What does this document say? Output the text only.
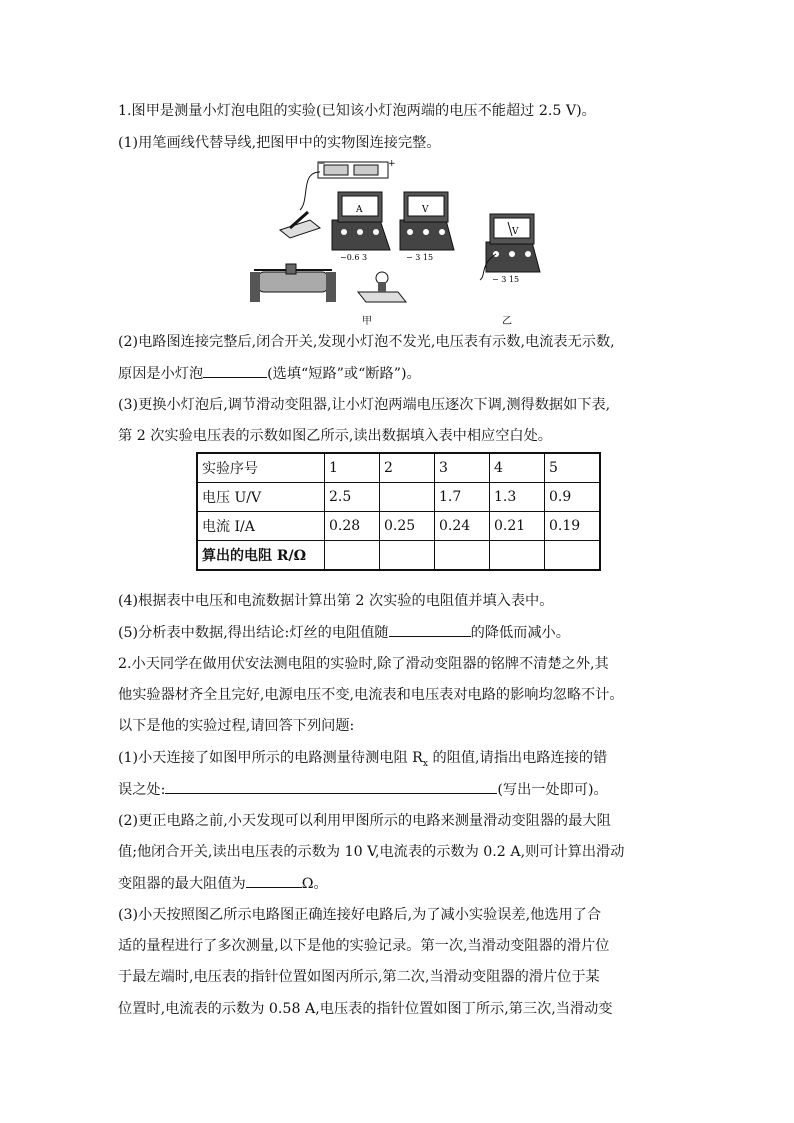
1.图甲是测量小灯泡电阻的实验(已知该小灯泡两端的电压不能超过 2.5 V)。
(1)用笔画线代替导线,把图甲中的实物图连接完整。
−	+
A
−0.6 3
V
− 3 15
V
− 3 15
甲	乙
(2)电路图连接完整后,闭合开关,发现小灯泡不发光,电压表有示数,电流表无示数,
原因是小灯泡	(选填“短路”或“断路”)。
(3)更换小灯泡后,调节滑动变阻器,让小灯泡两端电压逐次下调,测得数据如下表,
第 2 次实验电压表的示数如图乙所示,读出数据填入表中相应空白处。
实验序号	1	2	3	4	5
电压 U/V	2.5		1.7	1.3	0.9
电流 I/A	0.28	0.25	0.24	0.21	0.19
算出的电阻 R/Ω					
(4)根据表中电压和电流数据计算出第 2 次实验的电阻值并填入表中。
(5)分析表中数据,得出结论:灯丝的电阻值随	的降低而减小。
2.小天同学在做用伏安法测电阻的实验时,除了滑动变阻器的铭牌不清楚之外,其
他实验器材齐全且完好,电源电压不变,电流表和电压表对电路的影响均忽略不计。
以下是他的实验过程,请回答下列问题:
(1)小天连接了如图甲所示的电路测量待测电阻 $R_x$ 的阻值,请指出电路连接的错
误之处:	(写出一处即可)。
(2)更正电路之前,小天发现可以利用甲图所示的电路来测量滑动变阻器的最大阻
值;他闭合开关,读出电压表的示数为 10 V,电流表的示数为 0.2 A,则可计算出滑动
变阻器的最大阻值为	Ω。
(3)小天按照图乙所示电路图正确连接好电路后,为了减小实验误差,他选用了合
适的量程进行了多次测量,以下是他的实验记录。第一次,当滑动变阻器的滑片位
于最左端时,电压表的指针位置如图丙所示,第二次,当滑动变阻器的滑片位于某
位置时,电流表的示数为 0.58 A,电压表的指针位置如图丁所示,第三次,当滑动变
